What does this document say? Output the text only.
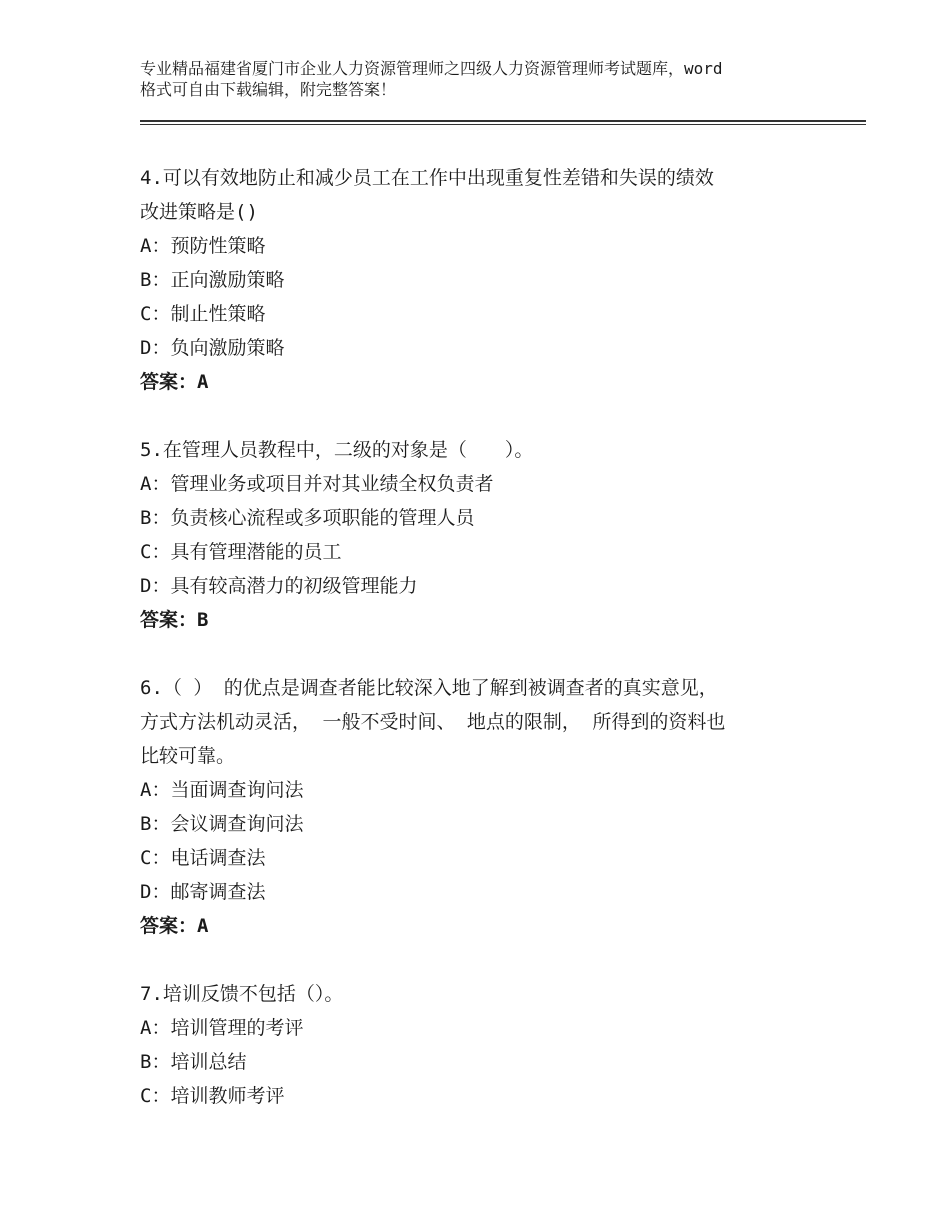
专业精品福建省厦门市企业人力资源管理师之四级人力资源管理师考试题库，word
格式可自由下载编辑，附完整答案！
4.可以有效地防止和减少员工在工作中出现重复性差错和失误的绩效
改进策略是()
A：预防性策略
B：正向激励策略
C：制止性策略
D：负向激励策略
答案：A
5.在管理人员教程中，二级的对象是（　　）。
A：管理业务或项目并对其业绩全权负责者
B：负责核心流程或多项职能的管理人员
C：具有管理潜能的员工
D：具有较高潜力的初级管理能力
答案：B
6.（ ） 的优点是调查者能比较深入地了解到被调查者的真实意见，
方式方法机动灵活， 一般不受时间、 地点的限制， 所得到的资料也
比较可靠。
A：当面调查询问法
B：会议调查询问法
C：电话调查法
D：邮寄调查法
答案：A
7.培训反馈不包括（）。
A：培训管理的考评
B：培训总结
C：培训教师考评
